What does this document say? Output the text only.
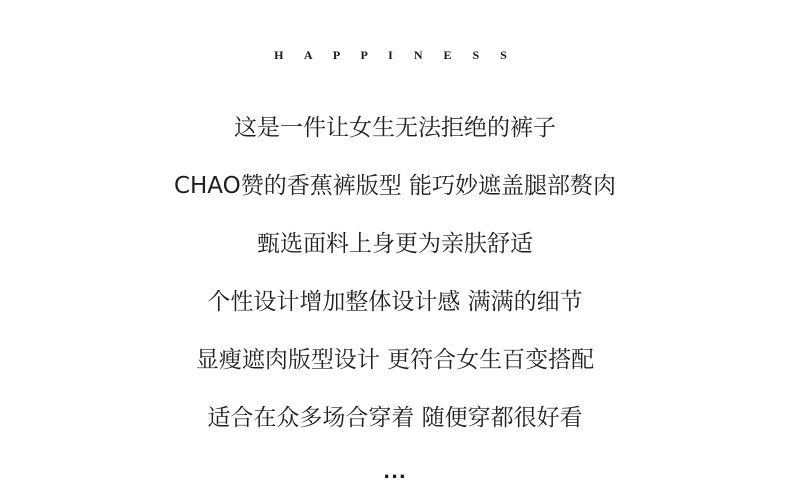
H A P P I N E S S
这是一件让女生无法拒绝的裤子
CHAO赞的香蕉裤版型 能巧妙遮盖腿部赘肉
甄选面料上身更为亲肤舒适
个性设计增加整体设计感 满满的细节
显瘦遮肉版型设计 更符合女生百变搭配
适合在众多场合穿着 随便穿都很好看
...
